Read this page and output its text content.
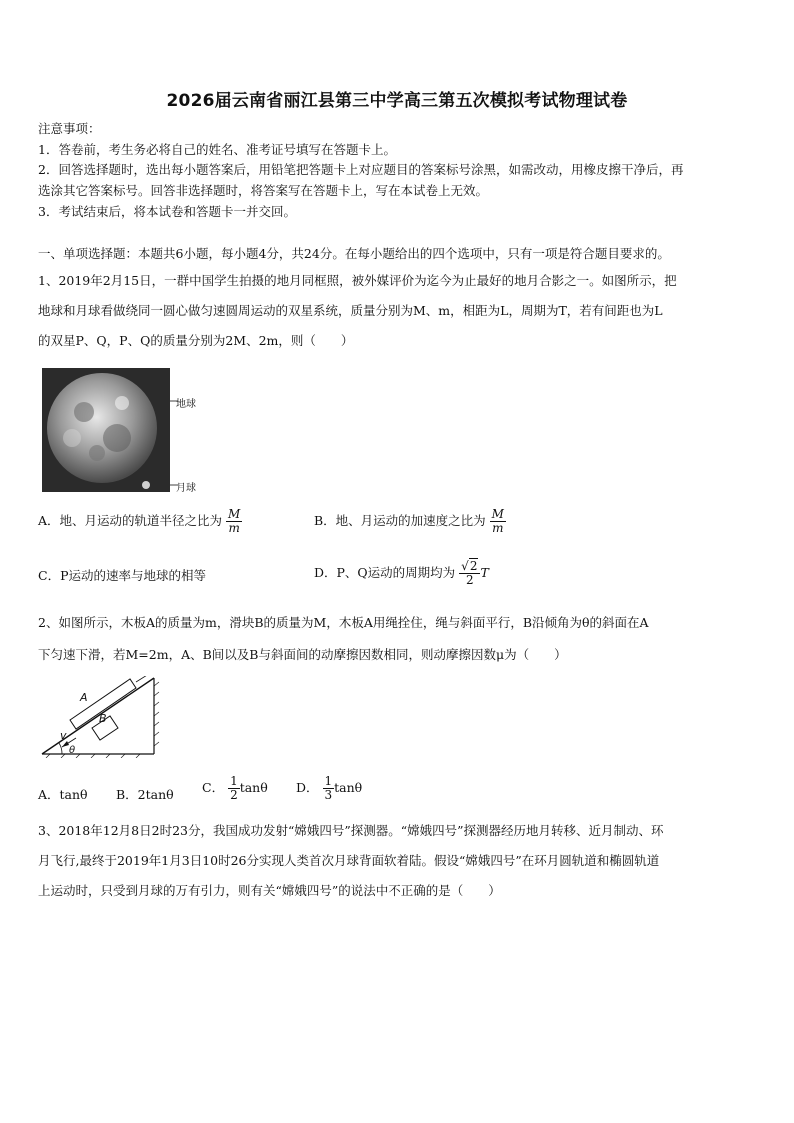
2026届云南省丽江县第三中学高三第五次模拟考试物理试卷
注意事项：
1．答卷前，考生务必将自己的姓名、准考证号填写在答题卡上。
2．回答选择题时，选出每小题答案后，用铅笔把答题卡上对应题目的答案标号涂黑，如需改动，用橡皮擦干净后，再
选涂其它答案标号。回答非选择题时，将答案写在答题卡上，写在本试卷上无效。
3．考试结束后，将本试卷和答题卡一并交回。
一、单项选择题：本题共6小题，每小题4分，共24分。在每小题给出的四个选项中，只有一项是符合题目要求的。
1、2019年2月15日，一群中国学生拍摄的地月同框照，被外媒评价为迄今为止最好的地月合影之一。如图所示，把
地球和月球看做绕同一圆心做匀速圆周运动的双星系统，质量分别为M、m，相距为L，周期为T，若有间距也为L
的双星P、Q，P、Q的质量分别为2M、2m，则（　　）
地球
月球
A．地、月运动的轨道半径之比为 $\frac{M}{m}$	B．地、月运动的加速度之比为 $\frac{M}{m}$
C．P运动的速率与地球的相等	D．P、Q运动的周期均为 $\frac{√2}{2}$ T
2、如图所示，木板A的质量为m，滑块B的质量为M，木板A用绳拴住，绳与斜面平行，B沿倾角为θ的斜面在A
下匀速下滑，若M=2m，A、B间以及B与斜面间的动摩擦因数相同，则动摩擦因数μ为（　　）
A
B
v
θ
A．tanθ B．2tanθ C． $\frac{1}{2}$ tanθ D． $\frac{1}{3}$ tanθ
3、2018年12月8日2时23分，我国成功发射“嫦娥四号”探测器。“嫦娥四号”探测器经历地月转移、近月制动、环
月飞行,最终于2019年1月3日10时26分实现人类首次月球背面软着陆。假设“嫦娥四号”在环月圆轨道和椭圆轨道
上运动时，只受到月球的万有引力，则有关“嫦娥四号”的说法中不正确的是（　　）
